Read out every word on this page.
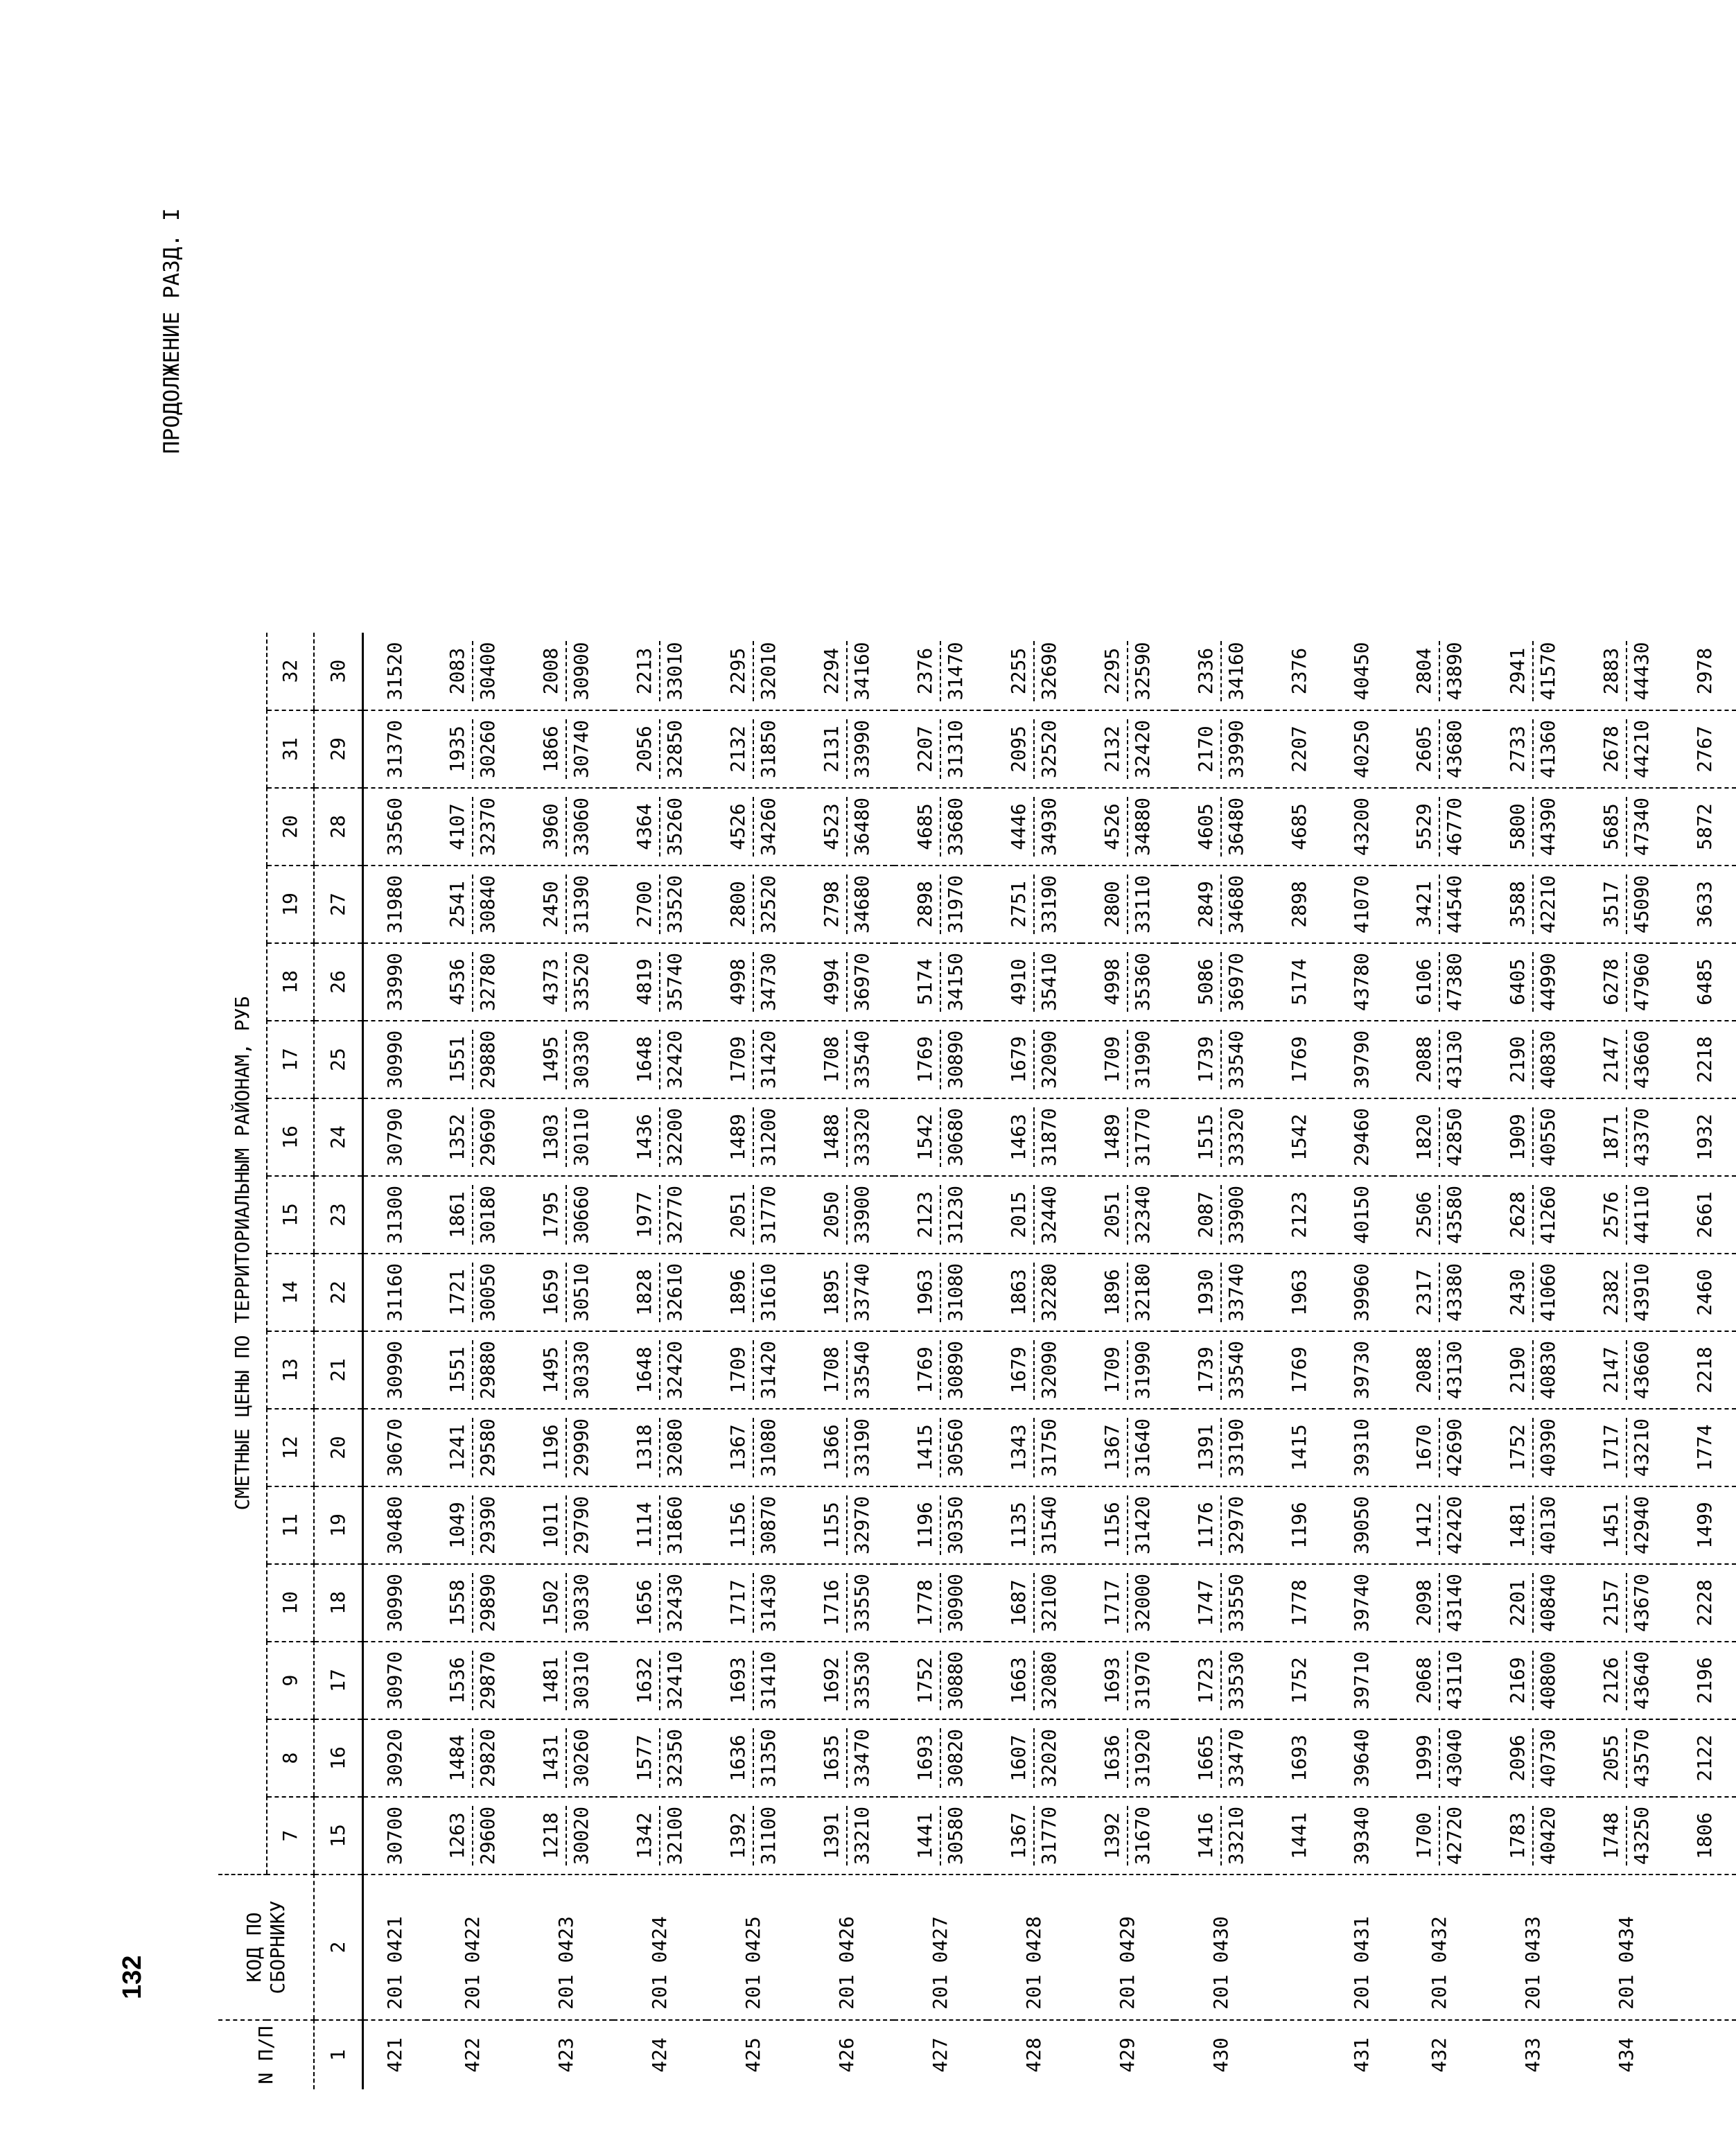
132
ПРОДОЛЖЕНИЕ РАЗД. I
N П/П	КОД ПО СБОРНИКУ	СМЕТНЫЕ ЦЕНЫ ПО ТЕРРИТОРИАЛЬНЫМ РАЙОНАМ, РУБ															
		7	8	9	10	11	12	13	14	15	16	17	18	19	20	31	32
1	2	15	16	17	18	19	20	21	22	23	24	25	26	27	28	29	30
421	201 0421	30700	30920	30970	30990	30480	30670	30990	31160	31300	30790	30990	33990	31980	33560	31370	31520

422	201 0422	1263 29600	1484 29820	1536 29870	1558 29890	1049 29390	1241 29580	1551 29880	1721 30050	1861 30180	1352 29690	1551 29880	4536 32780	2541 30840	4107 32370	1935 30260	2083 30400

423	201 0423	1218 30020	1431 30260	1481 30310	1502 30330	1011 29790	1196 29990	1495 30330	1659 30510	1795 30660	1303 30110	1495 30330	4373 33520	2450 31390	3960 33060	1866 30740	2008 30900

424	201 0424	1342 32100	1577 32350	1632 32410	1656 32430	1114 31860	1318 32080	1648 32420	1828 32610	1977 32770	1436 32200	1648 32420	4819 35740	2700 33520	4364 35260	2056 32850	2213 33010

425	201 0425	1392 31100	1636 31350	1693 31410	1717 31430	1156 30870	1367 31080	1709 31420	1896 31610	2051 31770	1489 31200	1709 31420	4998 34730	2800 32520	4526 34260	2132 31850	2295 32010

426	201 0426	1391 33210	1635 33470	1692 33530	1716 33550	1155 32970	1366 33190	1708 33540	1895 33740	2050 33900	1488 33320	1708 33540	4994 36970	2798 34680	4523 36480	2131 33990	2294 34160

427	201 0427	1441 30580	1693 30820	1752 30880	1778 30900	1196 30350	1415 30560	1769 30890	1963 31080	2123 31230	1542 30680	1769 30890	5174 34150	2898 31970	4685 33680	2207 31310	2376 31470

428	201 0428	1367 31770	1607 32020	1663 32080	1687 32100	1135 31540	1343 31750	1679 32090	1863 32280	2015 32440	1463 31870	1679 32090	4910 35410	2751 33190	4446 34930	2095 32520	2255 32690

429	201 0429	1392 31670	1636 31920	1693 31970	1717 32000	1156 31420	1367 31640	1709 31990	1896 32180	2051 32340	1489 31770	1709 31990	4998 35360	2800 33110	4526 34880	2132 32420	2295 32590

430	201 0430	1416 33210	1665 33470	1723 33530	1747 33550	1176 32970	1391 33190	1739 33540	1930 33740	2087 33900	1515 33320	1739 33540	5086 36970	2849 34680	4605 36480	2170 33990	2336 34160

		1441	1693	1752	1778	1196	1415	1769	1963	2123	1542	1769	5174	2898	4685	2207	2376

431	201 0431	39340	39640	39710	39740	39050	39310	39730	39960	40150	29460	39790	43780	41070	43200	40250	40450

432	201 0432	1700 42720	1999 43040	2068 43110	2098 43140	1412 42420	1670 42690	2088 43130	2317 43380	2506 43580	1820 42850	2088 43130	6106 47380	3421 44540	5529 46770	2605 43680	2804 43890

433	201 0433	1783 40420	2096 40730	2169 40800	2201 40840	1481 40130	1752 40390	2190 40830	2430 41060	2628 41260	1909 40550	2190 40830	6405 44990	3588 42210	5800 44390	2733 41360	2941 41570

434	201 0434	1748 43250	2055 43570	2126 43640	2157 43670	1451 42940	1717 43210	2147 43660	2382 43910	2576 44110	1871 43370	2147 43660	6278 47960	3517 45090	5685 47340	2678 44210	2883 44430

		1806	2122	2196	2228	1499	1774	2218	2460	2661	1932	2218	6485	3633	5872	2767	2978
